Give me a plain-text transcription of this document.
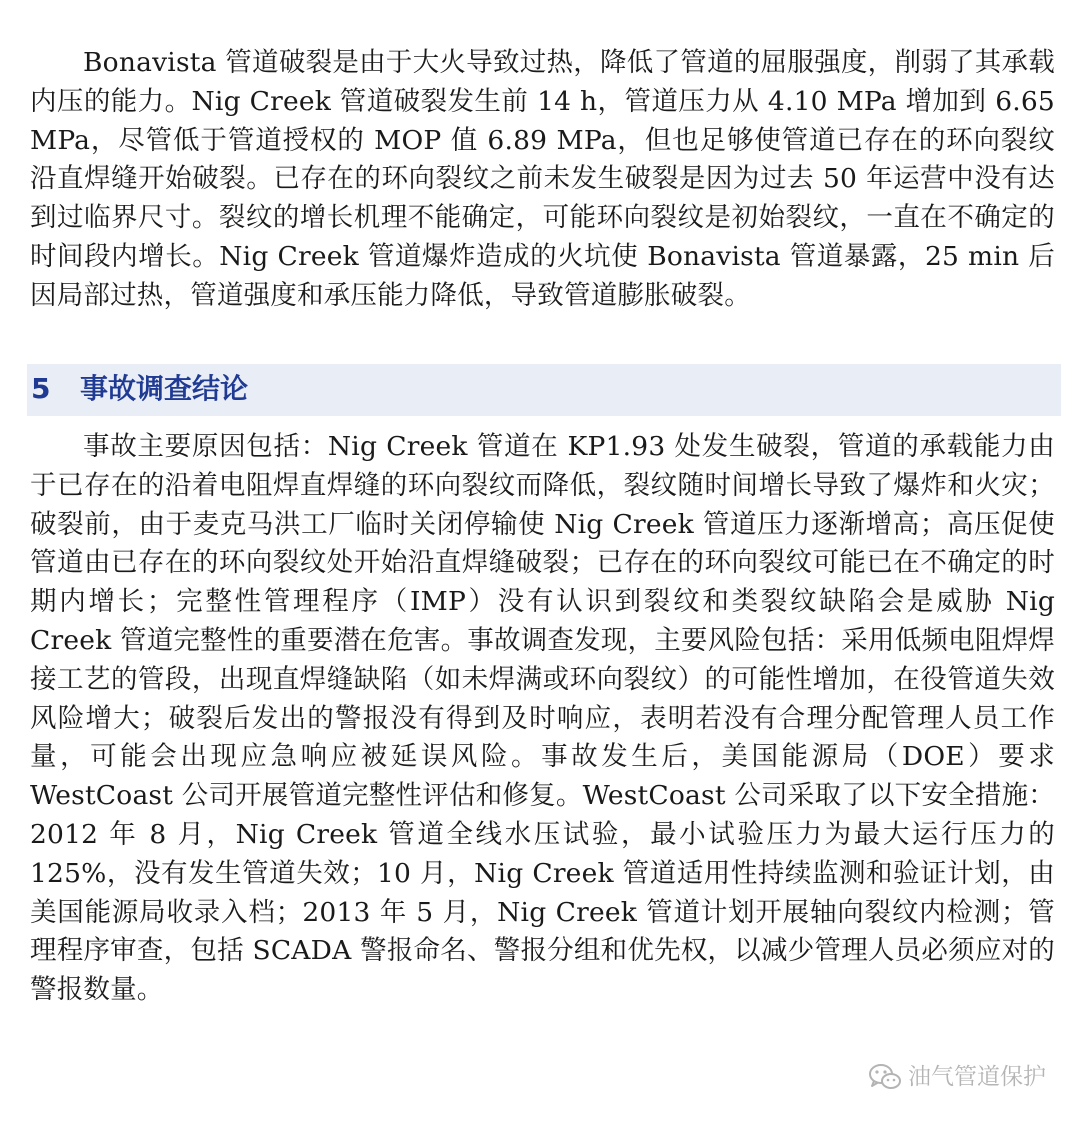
Bonavista 管道破裂是由于大火导致过热，降低了管道的屈服强度，削弱了其承载内压的能力。Nig Creek 管道破裂发生前 14 h，管道压力从 4.10 MPa 增加到 6.65 MPa，尽管低于管道授权的 MOP 值 6.89 MPa，但也足够使管道已存在的环向裂纹沿直焊缝开始破裂。已存在的环向裂纹之前未发生破裂是因为过去 50 年运营中没有达到过临界尺寸。裂纹的增长机理不能确定，可能环向裂纹是初始裂纹，一直在不确定的时间段内增长。Nig Creek 管道爆炸造成的火坑使 Bonavista 管道暴露，25 min 后因局部过热，管道强度和承压能力降低，导致管道膨胀破裂。

5 事故调查结论

事故主要原因包括：Nig Creek 管道在 KP1.93 处发生破裂，管道的承载能力由于已存在的沿着电阻焊直焊缝的环向裂纹而降低，裂纹随时间增长导致了爆炸和火灾；破裂前，由于麦克马洪工厂临时关闭停输使 Nig Creek 管道压力逐渐增高；高压促使管道由已存在的环向裂纹处开始沿直焊缝破裂；已存在的环向裂纹可能已在不确定的时期内增长；完整性管理程序（IMP）没有认识到裂纹和类裂纹缺陷会是威胁 Nig Creek 管道完整性的重要潜在危害。事故调查发现，主要风险包括：采用低频电阻焊焊接工艺的管段，出现直焊缝缺陷（如未焊满或环向裂纹）的可能性增加，在役管道失效风险增大；破裂后发出的警报没有得到及时响应，表明若没有合理分配管理人员工作量，可能会出现应急响应被延误风险。事故发生后，美国能源局（DOE）要求 WestCoast 公司开展管道完整性评估和修复。WestCoast 公司采取了以下安全措施：2012 年 8 月，Nig Creek 管道全线水压试验，最小试验压力为最大运行压力的 125%，没有发生管道失效；10 月，Nig Creek 管道适用性持续监测和验证计划，由美国能源局收录入档；2013 年 5 月，Nig Creek 管道计划开展轴向裂纹内检测；管理程序审查，包括 SCADA 警报命名、警报分组和优先权，以减少管理人员必须应对的警报数量。

油气管道保护
